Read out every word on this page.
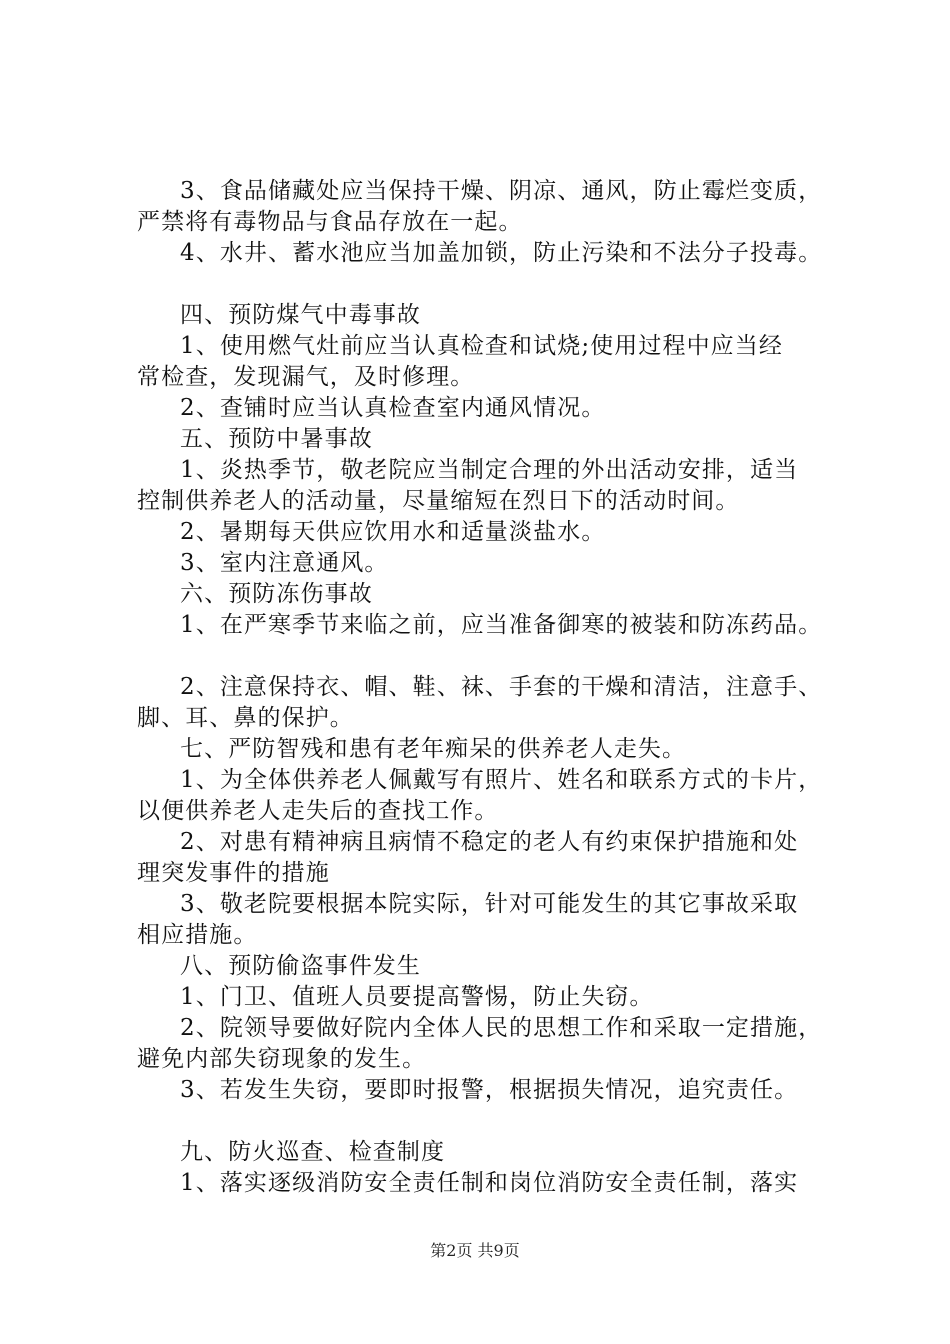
3、食品储藏处应当保持干燥、阴凉、通风，防止霉烂变质，
严禁将有毒物品与食品存放在一起。
4、水井、蓄水池应当加盖加锁，防止污染和不法分子投毒。
四、预防煤气中毒事故
1、使用燃气灶前应当认真检查和试烧;使用过程中应当经
常检查，发现漏气，及时修理。
2、查铺时应当认真检查室内通风情况。
五、预防中暑事故
1、炎热季节，敬老院应当制定合理的外出活动安排，适当
控制供养老人的活动量，尽量缩短在烈日下的活动时间。
2、暑期每天供应饮用水和适量淡盐水。
3、室内注意通风。
六、预防冻伤事故
1、在严寒季节来临之前，应当准备御寒的被装和防冻药品。
2、注意保持衣、帽、鞋、袜、手套的干燥和清洁，注意手、
脚、耳、鼻的保护。
七、严防智残和患有老年痴呆的供养老人走失。
1、为全体供养老人佩戴写有照片、姓名和联系方式的卡片，
以便供养老人走失后的查找工作。
2、对患有精神病且病情不稳定的老人有约束保护措施和处
理突发事件的措施
3、敬老院要根据本院实际，针对可能发生的其它事故采取
相应措施。
八、预防偷盗事件发生
1、门卫、值班人员要提高警惕，防止失窃。
2、院领导要做好院内全体人民的思想工作和采取一定措施，
避免内部失窃现象的发生。
3、若发生失窃，要即时报警，根据损失情况，追究责任。
九、防火巡查、检查制度
1、落实逐级消防安全责任制和岗位消防安全责任制，落实
第2页 共9页
